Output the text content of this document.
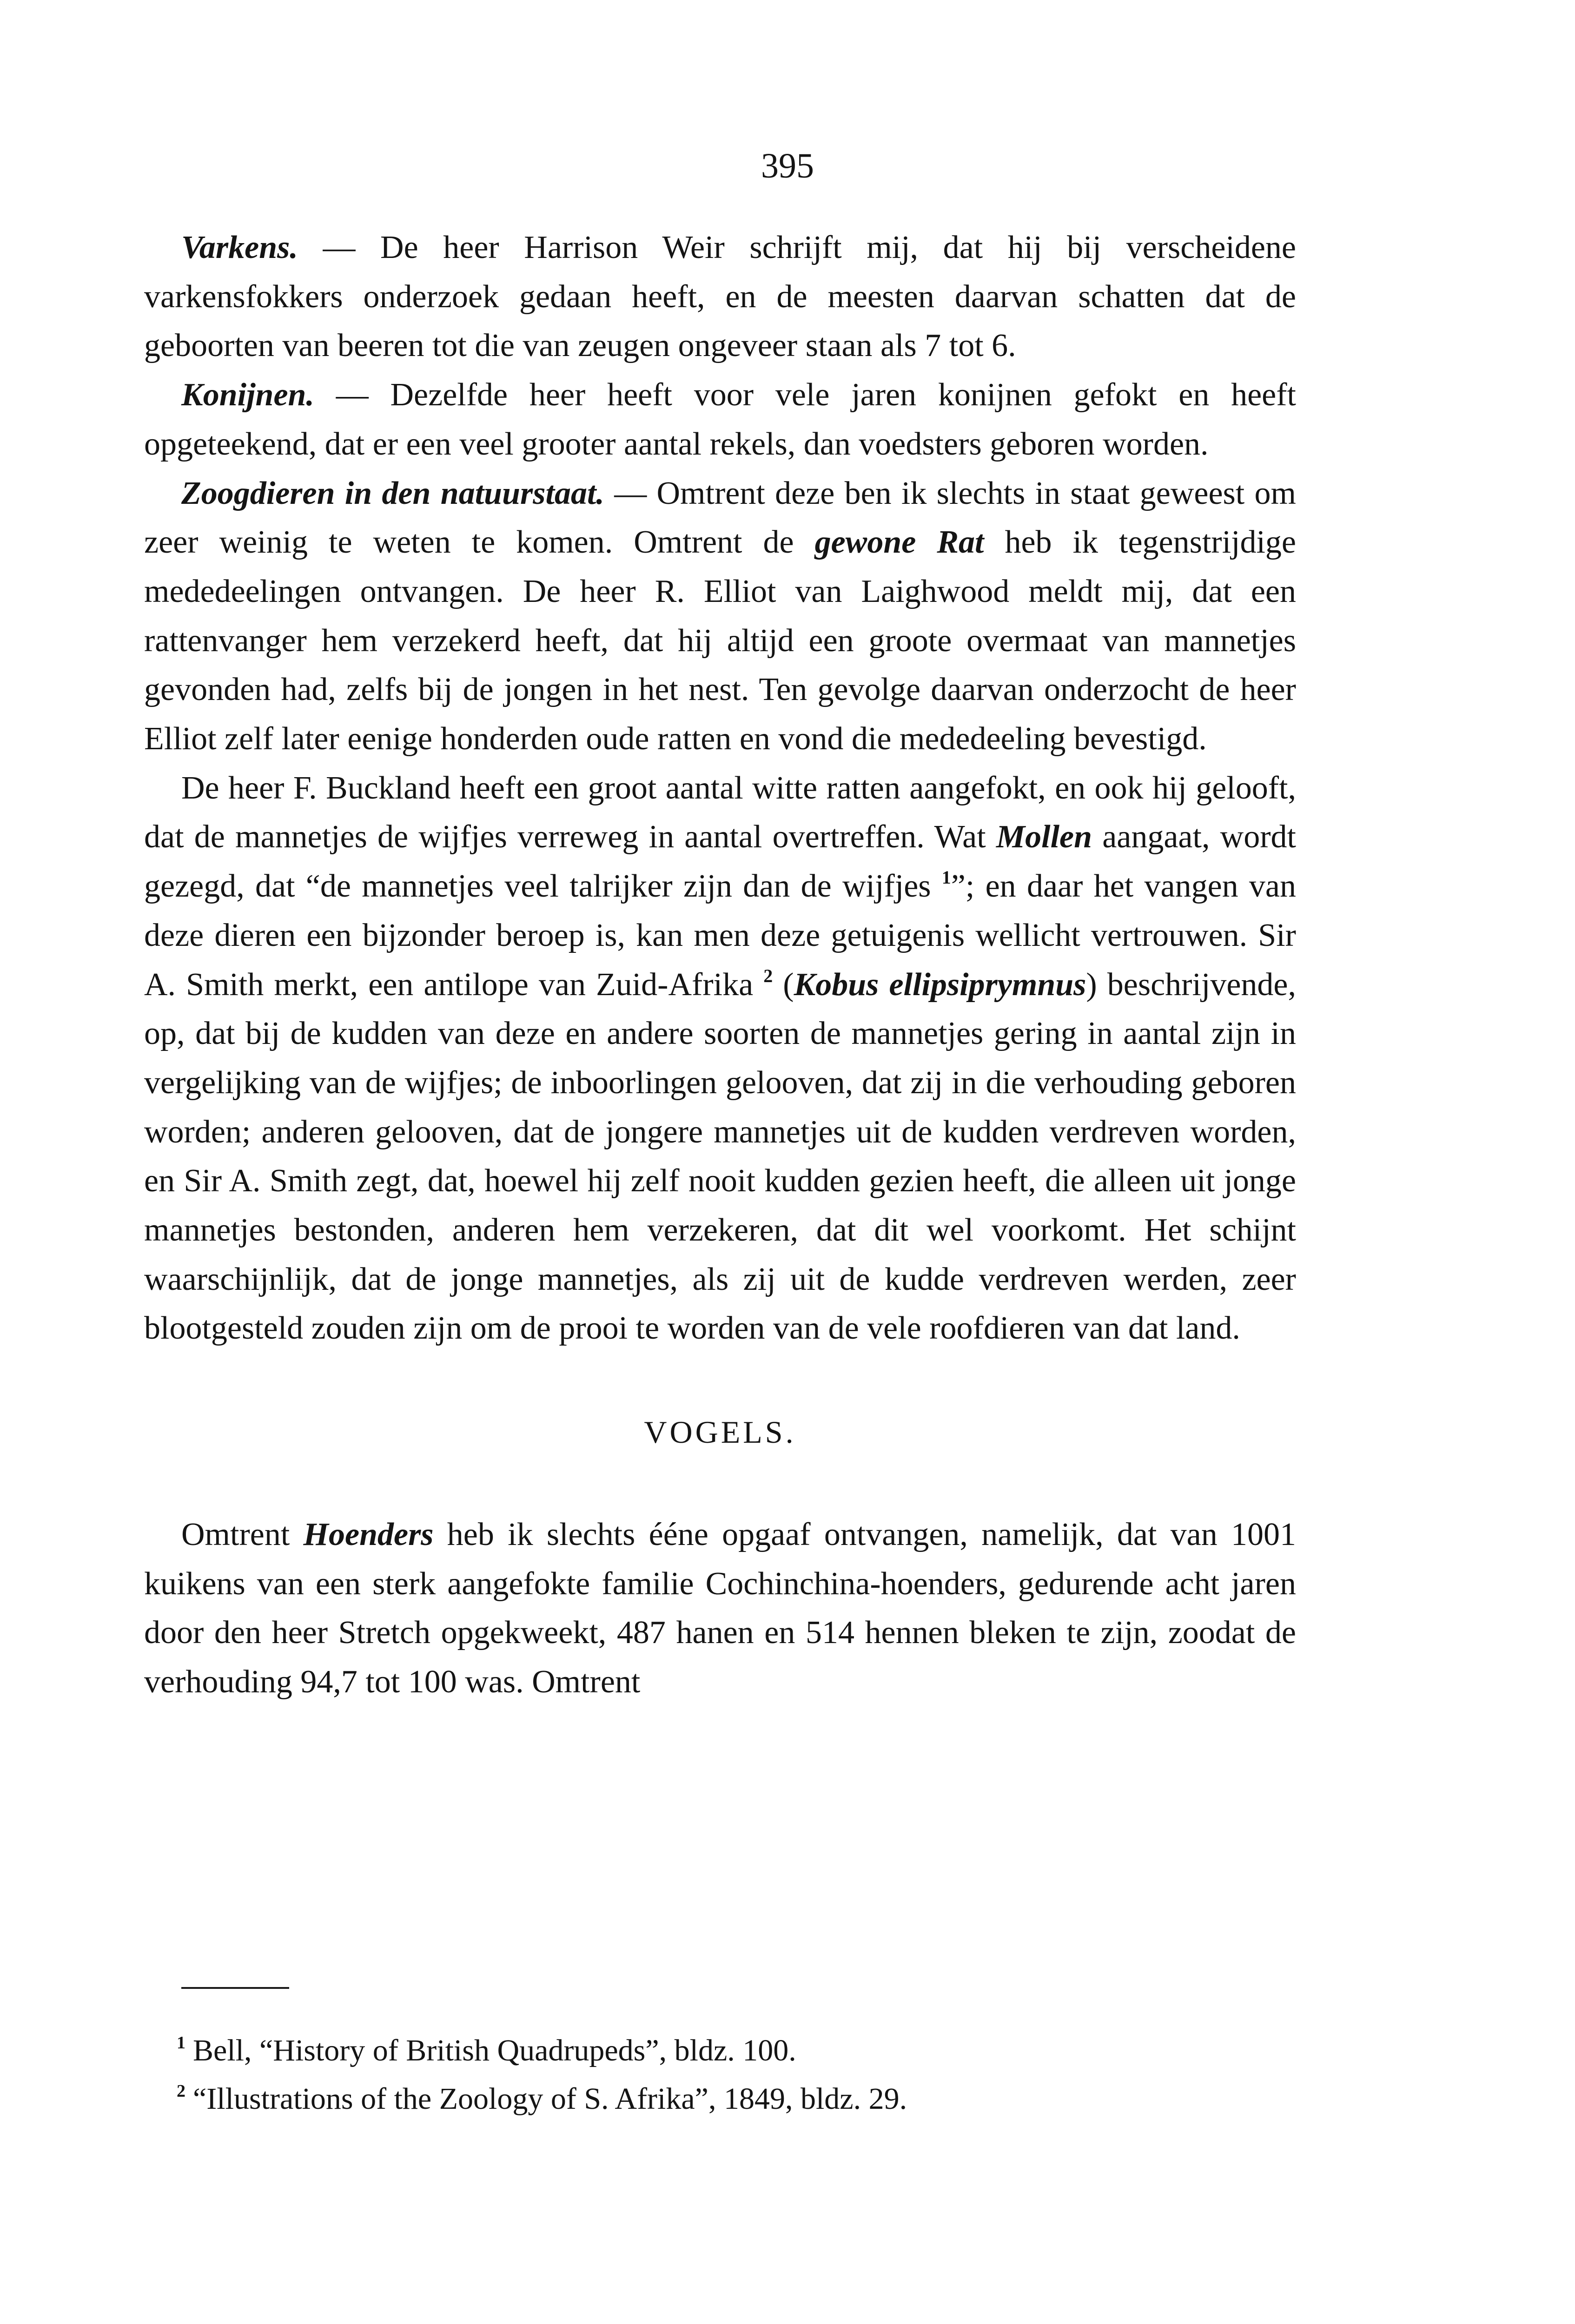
395

Varkens. — De heer Harrison Weir schrijft mij, dat hij bij verscheidene varkensfokkers onderzoek gedaan heeft, en de meesten daarvan schatten dat de geboorten van beeren tot die van zeugen ongeveer staan als 7 tot 6.

Konijnen. — Dezelfde heer heeft voor vele jaren konijnen gefokt en heeft opgeteekend, dat er een veel grooter aantal rekels, dan voedsters geboren worden.

Zoogdieren in den natuurstaat. — Omtrent deze ben ik slechts in staat geweest om zeer weinig te weten te komen. Omtrent de gewone Rat heb ik tegenstrijdige mededeelingen ontvangen. De heer R. Elliot van Laighwood meldt mij, dat een rattenvanger hem verzekerd heeft, dat hij altijd een groote overmaat van mannetjes gevonden had, zelfs bij de jongen in het nest. Ten gevolge daarvan onderzocht de heer Elliot zelf later eenige honderden oude ratten en vond die mededeeling bevestigd.

De heer F. Buckland heeft een groot aantal witte ratten aangefokt, en ook hij gelooft, dat de mannetjes de wijfjes verreweg in aantal overtreffen. Wat Mollen aangaat, wordt gezegd, dat “de mannetjes veel talrijker zijn dan de wijfjes $^1$”; en daar het vangen van deze dieren een bijzonder beroep is, kan men deze getuigenis wellicht vertrouwen. Sir A. Smith merkt, een antilope van Zuid-Afrika $^2$ (Kobus ellipsiprymnus) beschrijvende, op, dat bij de kudden van deze en andere soorten de mannetjes gering in aantal zijn in vergelijking van de wijfjes; de inboorlingen gelooven, dat zij in die verhouding geboren worden; anderen gelooven, dat de jongere mannetjes uit de kudden verdreven worden, en Sir A. Smith zegt, dat, hoewel hij zelf nooit kudden gezien heeft, die alleen uit jonge mannetjes bestonden, anderen hem verzekeren, dat dit wel voorkomt. Het schijnt waarschijnlijk, dat de jonge mannetjes, als zij uit de kudde verdreven werden, zeer blootgesteld zouden zijn om de prooi te worden van de vele roofdieren van dat land.

VOGELS.

Omtrent Hoenders heb ik slechts ééne opgaaf ontvangen, namelijk, dat van 1001 kuikens van een sterk aangefokte familie Cochinchina-hoenders, gedurende acht jaren door den heer Stretch opgekweekt, 487 hanen en 514 hennen bleken te zijn, zoodat de verhouding 94,7 tot 100 was. Omtrent

$^1$ Bell, “History of British Quadrupeds”, bldz. 100.

$^2$ “Illustrations of the Zoology of S. Afrika”, 1849, bldz. 29.
